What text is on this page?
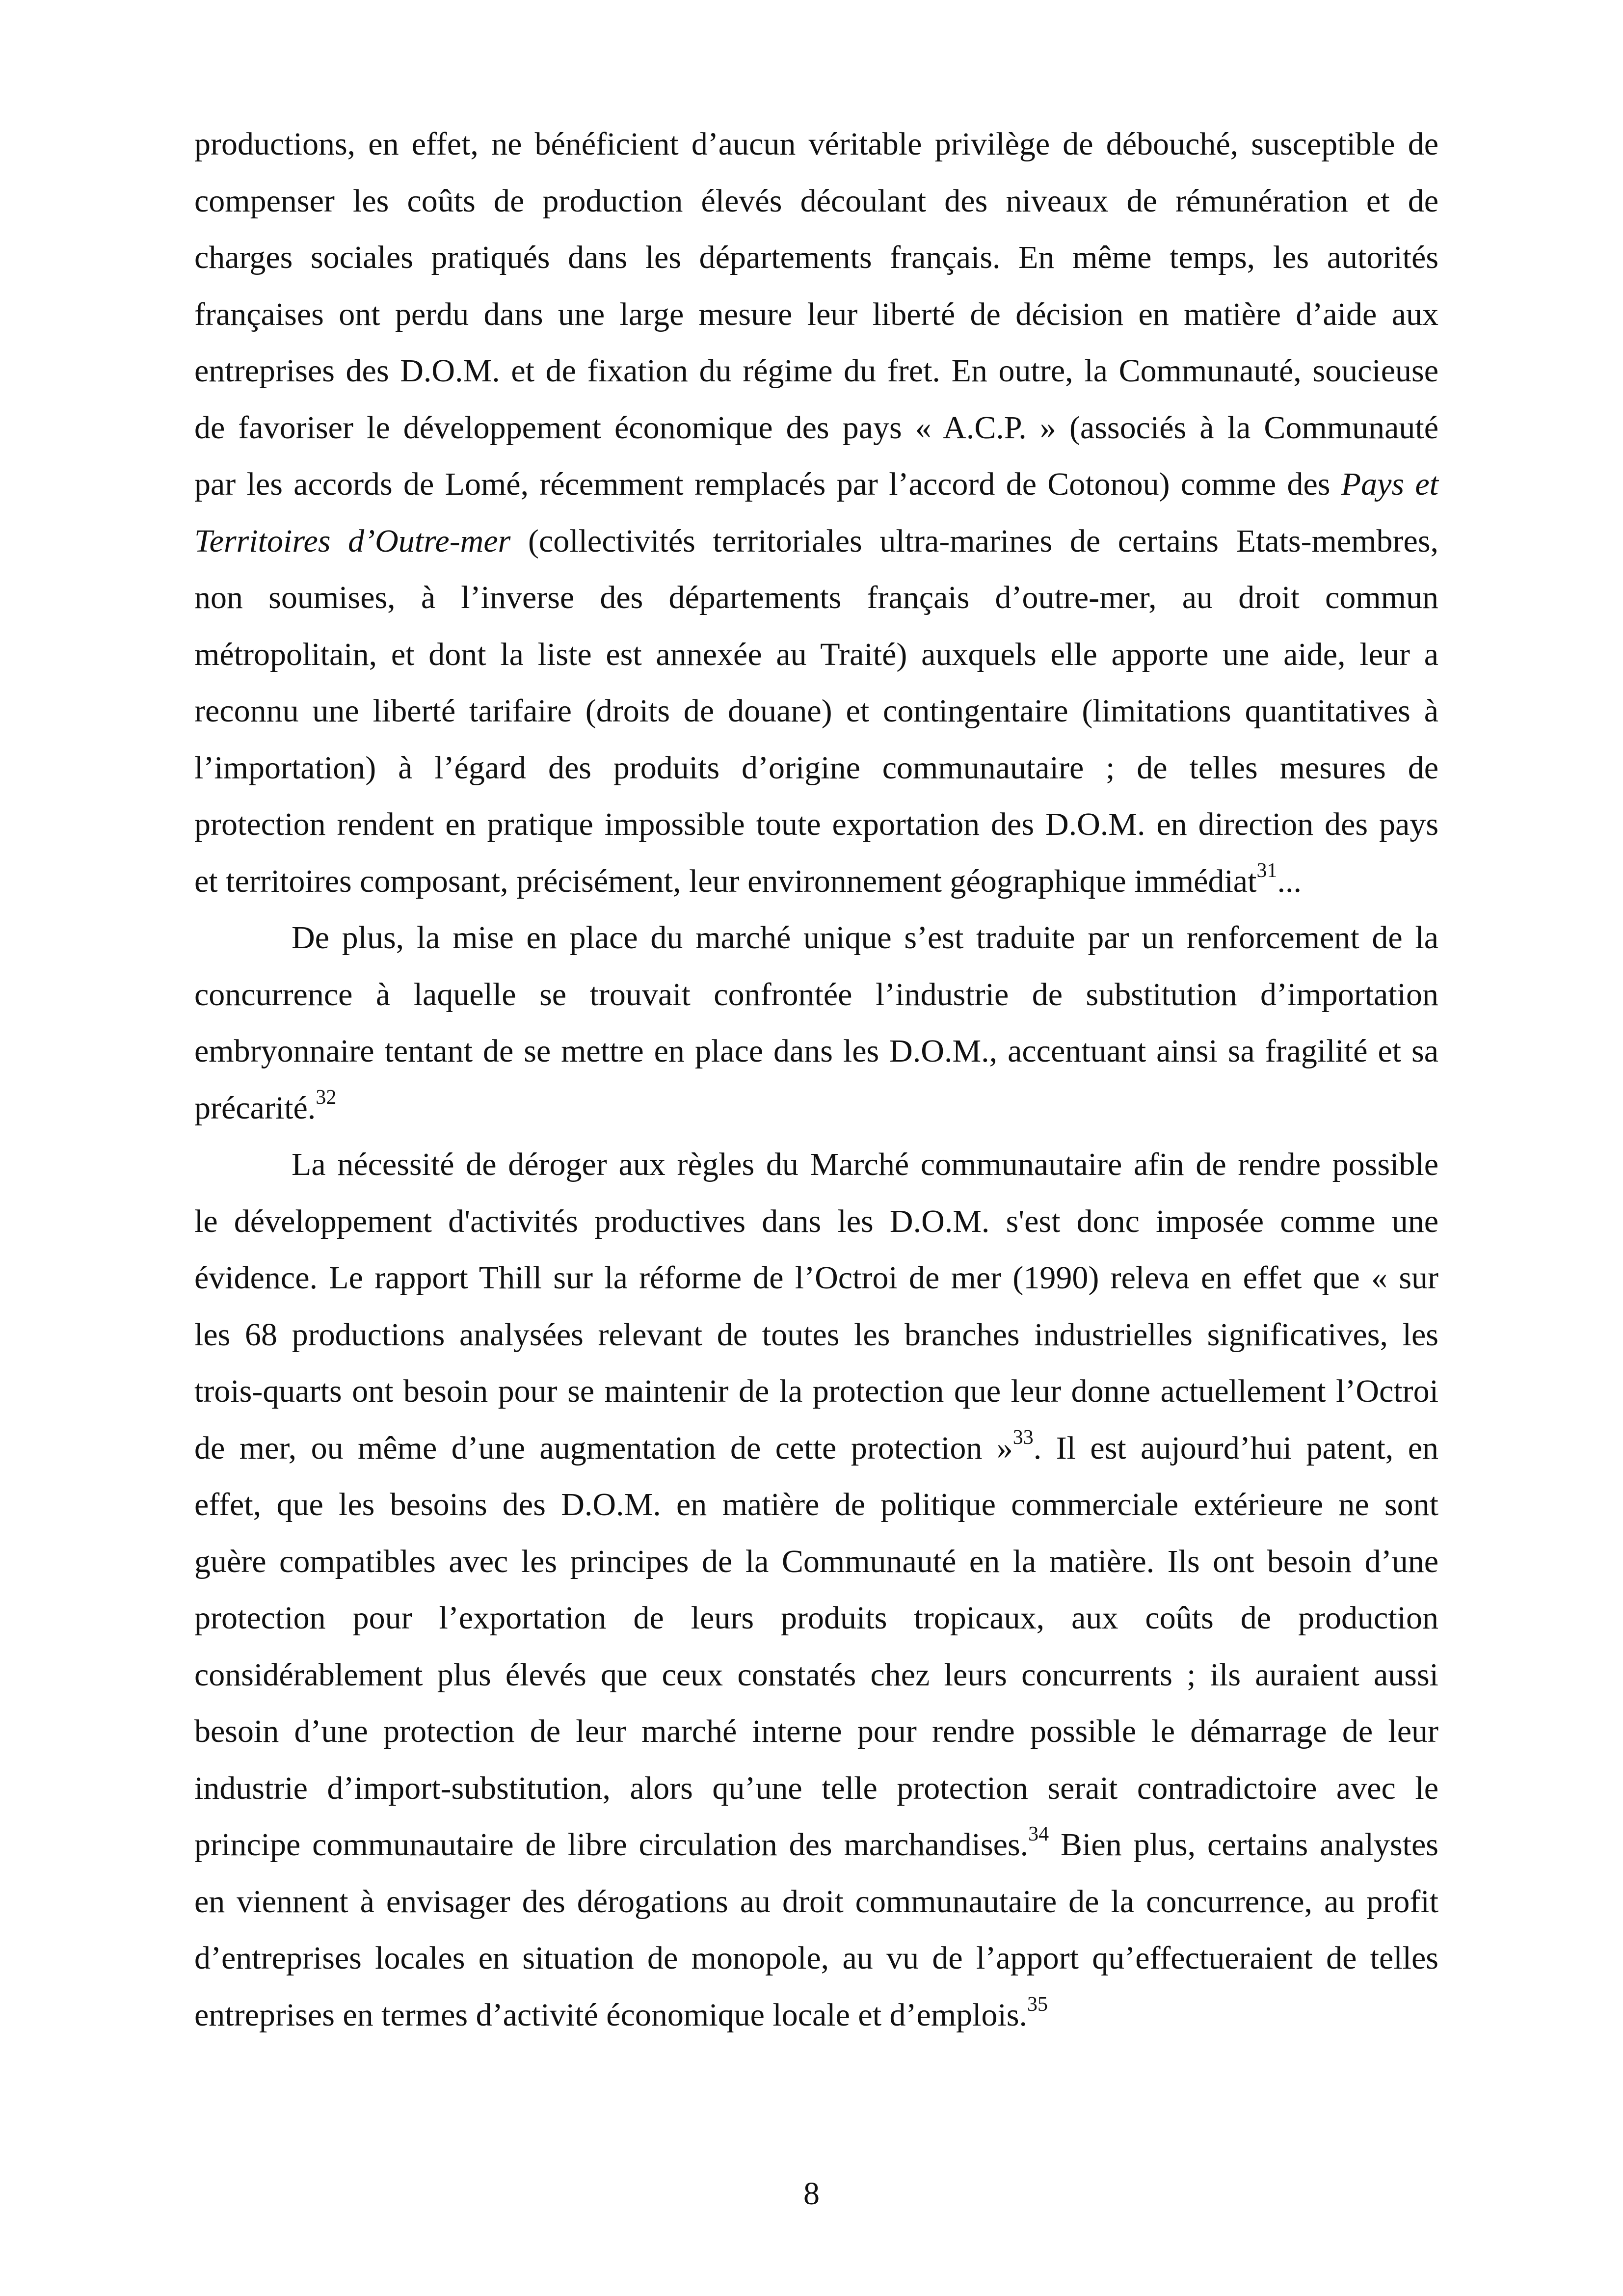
productions, en effet, ne bénéficient d’aucun véritable privilège de débouché, susceptible de
compenser les coûts de production élevés découlant des niveaux de rémunération et de
charges sociales pratiqués dans les départements français. En même temps, les autorités
françaises ont perdu dans une large mesure leur liberté de décision en matière d’aide aux
entreprises des D.O.M. et de fixation du régime du fret. En outre, la Communauté, soucieuse
de favoriser le développement économique des pays « A.C.P. » (associés à la Communauté
par les accords de Lomé, récemment remplacés par l’accord de Cotonou) comme des Pays et
Territoires d’Outre-mer (collectivités territoriales ultra-marines de certains Etats-membres,
non soumises, à l’inverse des départements français d’outre-mer, au droit commun
métropolitain, et dont la liste est annexée au Traité) auxquels elle apporte une aide, leur a
reconnu une liberté tarifaire (droits de douane) et contingentaire (limitations quantitatives à
l’importation) à l’égard des produits d’origine communautaire ; de telles mesures de
protection rendent en pratique impossible toute exportation des D.O.M. en direction des pays
et territoires composant, précisément, leur environnement géographique immédiat$^{31}$...
De plus, la mise en place du marché unique s’est traduite par un renforcement de la
concurrence à laquelle se trouvait confrontée l’industrie de substitution d’importation
embryonnaire tentant de se mettre en place dans les D.O.M., accentuant ainsi sa fragilité et sa
précarité.$^{32}$
La nécessité de déroger aux règles du Marché communautaire afin de rendre possible
le développement d'activités productives dans les D.O.M. s'est donc imposée comme une
évidence. Le rapport Thill sur la réforme de l’Octroi de mer (1990) releva en effet que « sur
les 68 productions analysées relevant de toutes les branches industrielles significatives, les
trois-quarts ont besoin pour se maintenir de la protection que leur donne actuellement l’Octroi
de mer, ou même d’une augmentation de cette protection »$^{33}$. Il est aujourd’hui patent, en
effet, que les besoins des D.O.M. en matière de politique commerciale extérieure ne sont
guère compatibles avec les principes de la Communauté en la matière. Ils ont besoin d’une
protection pour l’exportation de leurs produits tropicaux, aux coûts de production
considérablement plus élevés que ceux constatés chez leurs concurrents ; ils auraient aussi
besoin d’une protection de leur marché interne pour rendre possible le démarrage de leur
industrie d’import-substitution, alors qu’une telle protection serait contradictoire avec le
principe communautaire de libre circulation des marchandises.$^{34}$ Bien plus, certains analystes
en viennent à envisager des dérogations au droit communautaire de la concurrence, au profit
d’entreprises locales en situation de monopole, au vu de l’apport qu’effectueraient de telles
entreprises en termes d’activité économique locale et d’emplois.$^{35}$
8
